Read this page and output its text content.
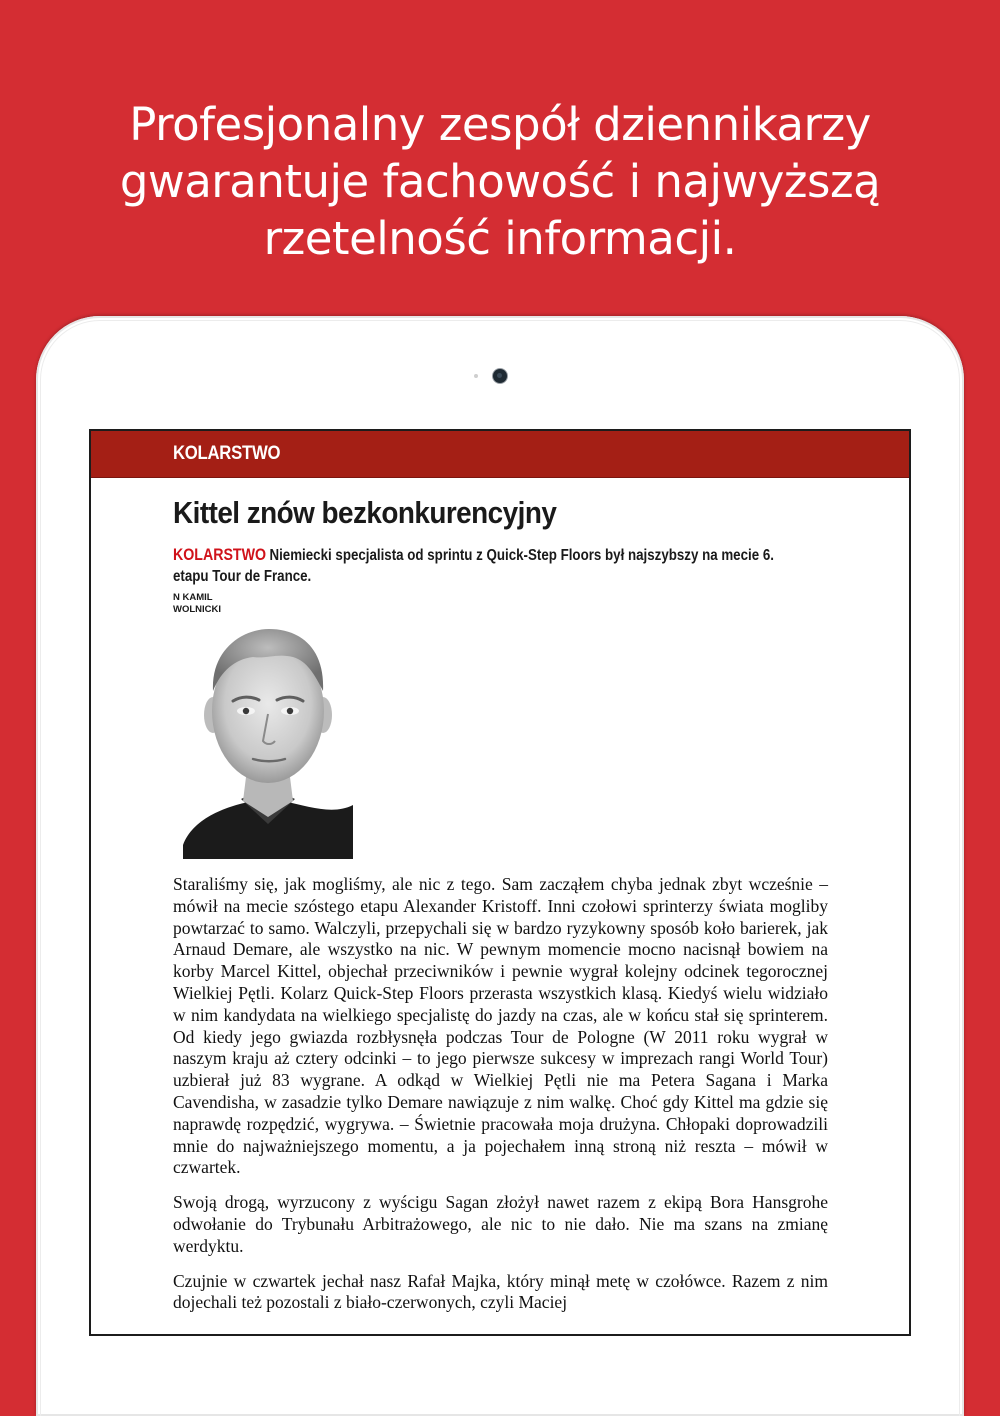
Profesjonalny zespół dziennikarzy
gwarantuje fachowość i najwyższą
rzetelność informacji.
KOLARSTWO
Kittel znów bezkonkurencyjny

KOLARSTWO Niemiecki specjalista od sprintu z Quick-Step Floors był najszybszy na mecie 6. etapu Tour de France.

N KAMIL
WOLNICKI

Staraliśmy się, jak mogliśmy, ale nic z tego. Sam zacząłem chyba jednak zbyt wcześnie – mówił na mecie szóstego etapu Alexander Kristoff. Inni czołowi sprinterzy świata mogliby powtarzać to samo. Walczyli, przepychali się w bardzo ryzykowny sposób koło barierek, jak Arnaud Demare, ale wszystko na nic. W pewnym momencie mocno nacisnął bowiem na korby Marcel Kittel, objechał przeciwników i pewnie wygrał kolejny odcinek tegorocznej Wielkiej Pętli. Kolarz Quick-Step Floors przerasta wszystkich klasą. Kiedyś wielu widziało w nim kandydata na wielkiego specjalistę do jazdy na czas, ale w końcu stał się sprinterem. Od kiedy jego gwiazda rozbłysnęła podczas Tour de Pologne (W 2011 roku wygrał w naszym kraju aż cztery odcinki – to jego pierwsze sukcesy w imprezach rangi World Tour) uzbierał już 83 wygrane. A odkąd w Wielkiej Pętli nie ma Petera Sagana i Marka Cavendisha, w zasadzie tylko Demare nawiązuje z nim walkę. Choć gdy Kittel ma gdzie się naprawdę rozpędzić, wygrywa. – Świetnie pracowała moja drużyna. Chłopaki doprowadzili mnie do najważniejszego momentu, a ja pojechałem inną stroną niż reszta – mówił w czwartek.

Swoją drogą, wyrzucony z wyścigu Sagan złożył nawet razem z ekipą Bora Hansgrohe odwołanie do Trybunału Arbitrażowego, ale nic to nie dało. Nie ma szans na zmianę werdyktu.

Czujnie w czwartek jechał nasz Rafał Majka, który minął metę w czołówce. Razem z nim dojechali też pozostali z biało-czerwonych, czyli Maciej
